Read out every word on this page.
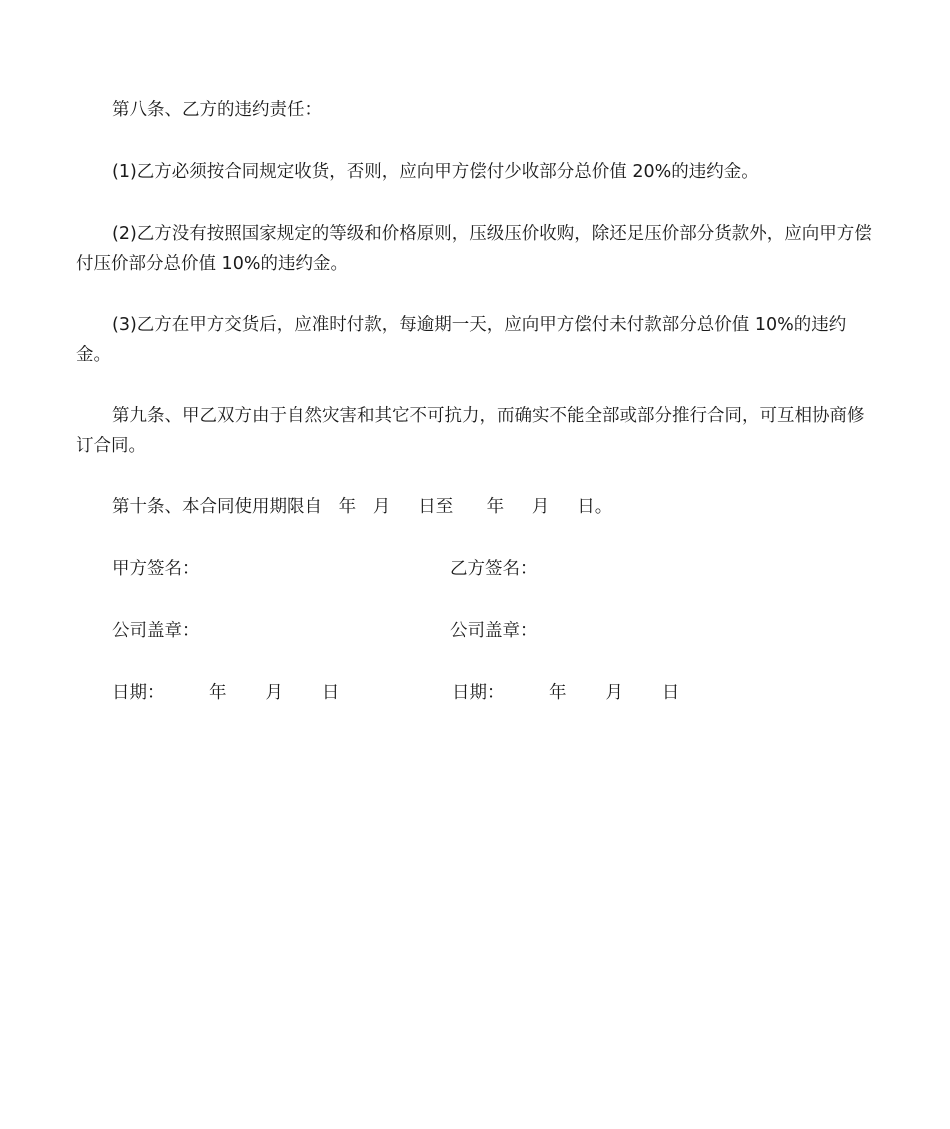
第八条、乙方的违约责任：

(1)乙方必须按合同规定收货，否则，应向甲方偿付少收部分总价值 20%的违约金。

(2)乙方没有按照国家规定的等级和价格原则，压级压价收购，除还足压价部分货款外，应向甲方偿付压价部分总价值 10%的违约金。

(3)乙方在甲方交货后，应准时付款，每逾期一天，应向甲方偿付未付款部分总价值 10%的违约金。

第九条、甲乙双方由于自然灾害和其它不可抗力，而确实不能全部或部分推行合同，可互相协商修订合同。

第十条、本合同使用期限自   年   月     日至      年     月     日。

甲方签名：	乙方签名：

公司盖章：	公司盖章：

日期：        年       月       日	日期：        年       月       日
